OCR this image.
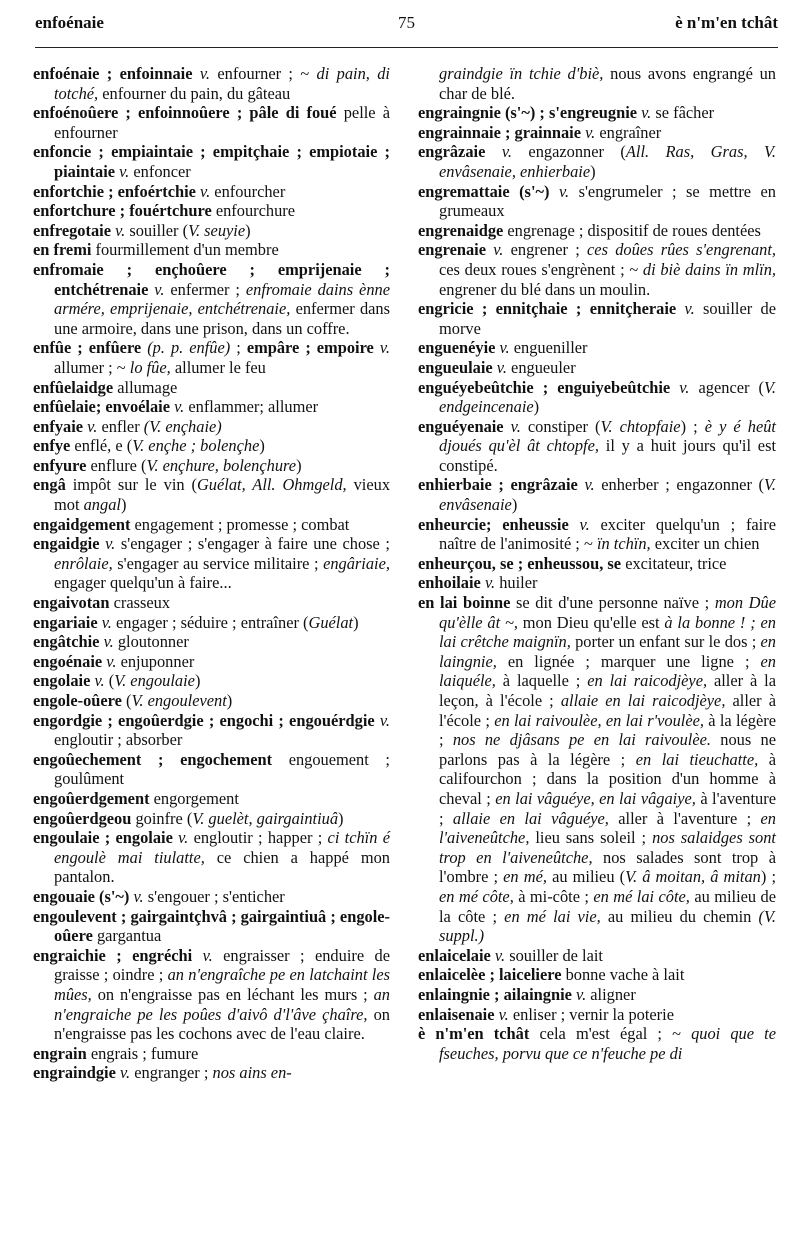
enfoénaie	75	è n'm'en tchât

enfoénaie ; enfoinnaie v. enfourner ; ~ di pain, di totché, enfourner du pain, du gâteau

enfoénoûere ; enfoinnoûere ; pâle di foué pelle à enfourner

enfoncie ; empiaintaie ; empitçhaie ; empiotaie ; piaintaie v. enfoncer

enfortchie ; enfoértchie v. enfourcher

enfortchure ; fouértchure enfourchure

enfregotaie v. souiller (V. seuyie)

en fremi fourmillement d'un membre

enfromaie ; ençhoûere ; emprijenaie ; entchétrenaie v. enfermer ; enfromaie dains ènne armére, emprijenaie, entchétrenaie, enfermer dans une armoire, dans une prison, dans un coffre.

enfûe ; enfûere (p. p. enfûe) ; empâre ; empoire v. allumer ; ~ lo fûe, allumer le feu

enfûelaidge allumage

enfûelaie; envoélaie v. enflammer; allumer

enfyaie v. enfler (V. ençhaie)

enfye enflé, e (V. ençhe ; bolençhe)

enfyure enflure (V. ençhure, bolençhure)

engâ impôt sur le vin (Guélat, All. Ohmgeld, vieux mot angal)

engaidgement engagement ; promesse ; combat

engaidgie v. s'engager ; s'engager à faire une chose ; enrôlaie, s'engager au service militaire ; engâriaie, engager quelqu'un à faire...

engaivotan crasseux

engariaie v. engager ; séduire ; entraîner (Guélat)

engâtchie v. gloutonner

engoénaie v. enjuponner

engolaie v. (V. engoulaie)

engole-oûere (V. engoulevent)

engordgie ; engoûerdgie ; engochi ; engouérdgie v. engloutir ; absorber

engoûechement ; engochement engouement ; goulûment

engoûerdgement engorgement

engoûerdgeou goinfre (V. guelèt, gairgaintiuâ)

engoulaie ; engolaie v. engloutir ; happer ; ci tchïn é engoulè mai tiulatte, ce chien a happé mon pantalon.

engouaie (s'~) v. s'engouer ; s'enticher

engoulevent ; gairgaintçhvâ ; gairgaintiuâ ; engole-oûere gargantua

engraichie ; engréchi v. engraisser ; enduire de graisse ; oindre ; an n'engraîche pe en latchaint les mûes, on n'engraisse pas en léchant les murs ; an n'engraiche pe les poûes d'aivô d'l'âve çhaîre, on n'engraisse pas les cochons avec de l'eau claire.

engrain engrais ; fumure

engraindgie v. engranger ; nos ains en-

graindgie ïn tchie d'biè, nous avons engrangé un char de blé.

engraingnie (s'~) ; s'engreugnie v. se fâcher

engrainnaie ; grainnaie v. engraîner

engrâzaie v. engazonner (All. Ras, Gras, V. envâsenaie, enhierbaie)

engremattaie (s'~) v. s'engrumeler ; se mettre en grumeaux

engrenaidge engrenage ; dispositif de roues dentées

engrenaie v. engrener ; ces doûes rûes s'engrenant, ces deux roues s'engrènent ; ~ di biè dains ïn mlïn, engrener du blé dans un moulin.

engricie ; ennitçhaie ; ennitçheraie v. souiller de morve

enguenéyie v. engueniller

engueulaie v. engueuler

enguéyebeûtchie ; enguiyebeûtchie v. agencer (V. endgeincenaie)

enguéyenaie v. constiper (V. chtopfaie) ; è y é heût djoués qu'èl ât chtopfe, il y a huit jours qu'il est constipé.

enhierbaie ; engrâzaie v. enherber ; engazonner (V. envâsenaie)

enheurcie; enheussie v. exciter quelqu'un ; faire naître de l'animosité ; ~ ïn tchïn, exciter un chien

enheurçou, se ; enheussou, se excitateur, trice

enhoilaie v. huiler

en lai boinne se dit d'une personne naïve ; mon Dûe qu'èlle ât ~, mon Dieu qu'elle est à la bonne ! ; en lai crêtche maignïn, porter un enfant sur le dos ; en laingnie, en lignée ; marquer une ligne ; en laiquéle, à laquelle ; en lai raicodjèye, aller à la leçon, à l'école ; allaie en lai raicodjèye, aller à l'école ; en lai raivoulèe, en lai r'voulèe, à la légère ; nos ne djâsans pe en lai raivoulèe. nous ne parlons pas à la légère ; en lai tieuchatte, à califourchon ; dans la position d'un homme à cheval ; en lai vâguéye, en lai vâgaiye, à l'aventure ; allaie en lai vâguéye, aller à l'aventure ; en l'aiveneûtche, lieu sans soleil ; nos salaidges sont trop en l'aiveneûtche, nos salades sont trop à l'ombre ; en mé, au milieu (V. â moitan, â mitan) ; en mé côte, à mi-côte ; en mé lai côte, au milieu de la côte ; en mé lai vie, au milieu du chemin (V. suppl.)

enlaicelaie v. souiller de lait

enlaicelèe ; laiceliere bonne vache à lait

enlaingnie ; ailaingnie v. aligner

enlaisenaie v. enliser ; vernir la poterie

è n'm'en tchât cela m'est égal ; ~ quoi que te fseuches, porvu que ce n'feuche pe di
